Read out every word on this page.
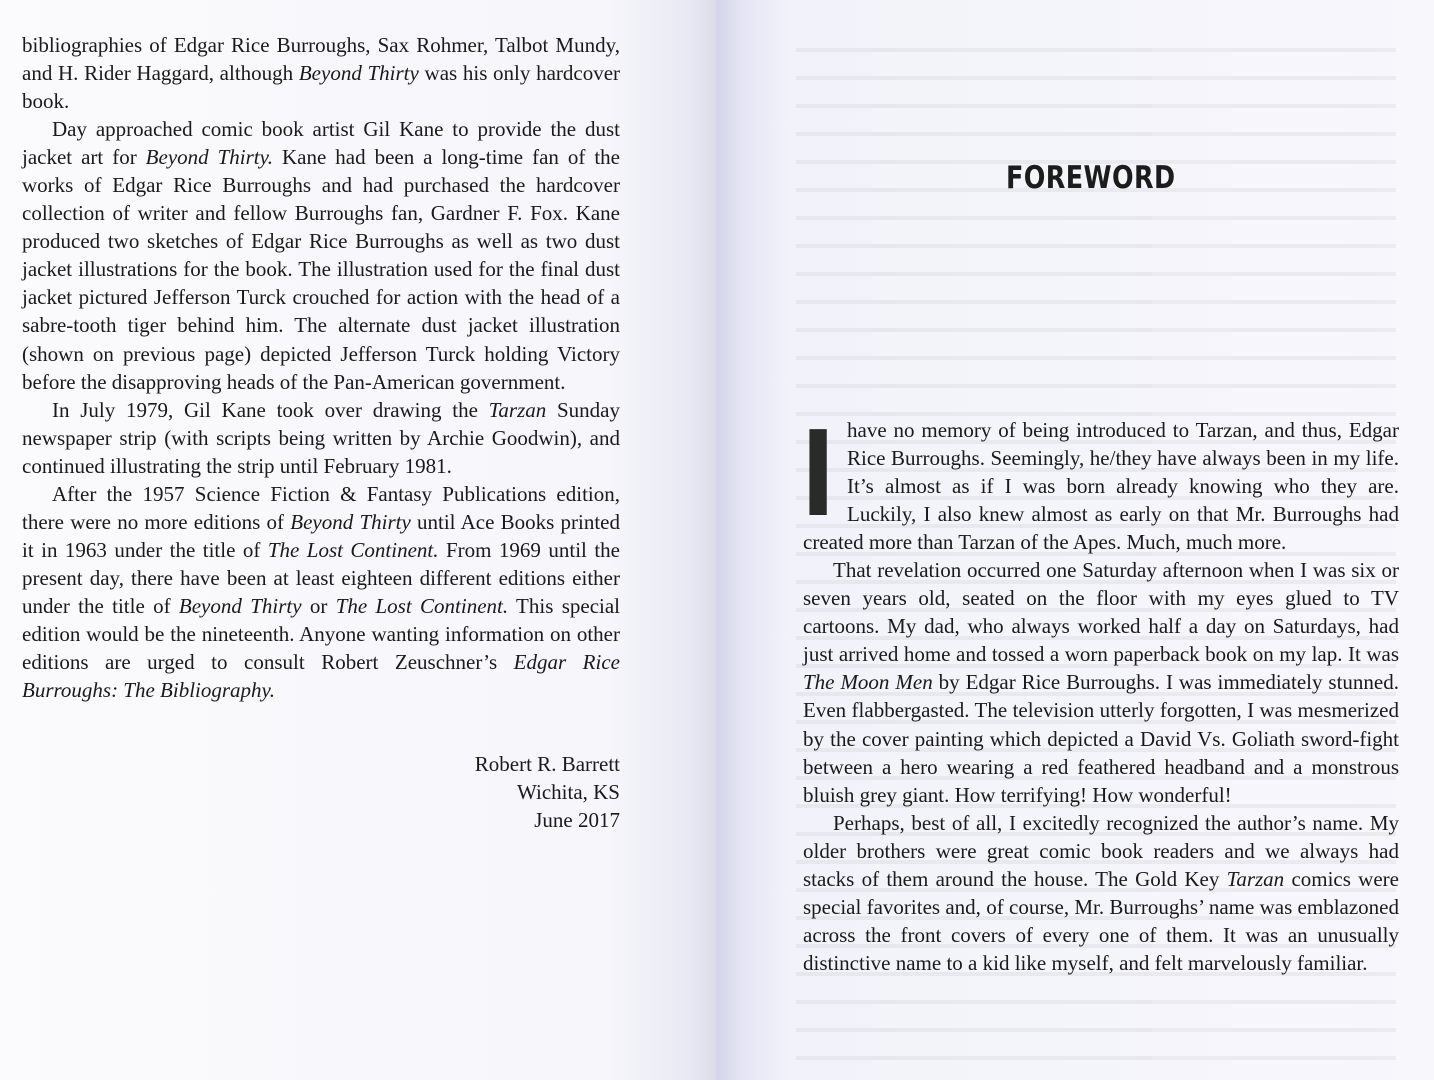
bibliographies of Edgar Rice Burroughs, Sax Rohmer, Talbot Mundy, and H. Rider Haggard, although Beyond Thirty was his only hardcover book.

Day approached comic book artist Gil Kane to provide the dust jacket art for Beyond Thirty. Kane had been a long-time fan of the works of Edgar Rice Burroughs and had purchased the hardcover collection of writer and fellow Burroughs fan, Gardner F. Fox. Kane produced two sketches of Edgar Rice Burroughs as well as two dust jacket illustrations for the book. The illustration used for the final dust jacket pictured Jefferson Turck crouched for action with the head of a sabre-tooth tiger behind him. The alternate dust jacket illustration (shown on previous page) depicted Jefferson Turck holding Victory before the disapproving heads of the Pan-American government.

In July 1979, Gil Kane took over drawing the Tarzan Sunday newspaper strip (with scripts being written by Archie Goodwin), and continued illustrating the strip until February 1981.

After the 1957 Science Fiction & Fantasy Publications edition, there were no more editions of Beyond Thirty until Ace Books printed it in 1963 under the title of The Lost Continent. From 1969 until the present day, there have been at least eighteen different editions either under the title of Beyond Thirty or The Lost Continent. This special edition would be the nineteenth. Anyone wanting information on other editions are urged to consult Robert Zeuschner’s Edgar Rice Burroughs: The Bibliography.

Robert R. Barrett
Wichita, KS
June 2017
FOREWORD

Ihave no memory of being introduced to Tarzan, and thus, Edgar Rice Burroughs. Seemingly, he/they have always been in my life. It’s almost as if I was born already knowing who they are. Luckily, I also knew almost as early on that Mr. Burroughs had created more than Tarzan of the Apes. Much, much more.

That revelation occurred one Saturday afternoon when I was six or seven years old, seated on the floor with my eyes glued to TV cartoons. My dad, who always worked half a day on Saturdays, had just arrived home and tossed a worn paperback book on my lap. It was The Moon Men by Edgar Rice Burroughs. I was immediately stunned. Even flabbergasted. The television utterly forgotten, I was mesmerized by the cover painting which depicted a David Vs. Goliath sword-fight between a hero wearing a red feathered headband and a monstrous bluish grey giant. How terrifying! How wonderful!

Perhaps, best of all, I excitedly recognized the author’s name. My older brothers were great comic book readers and we always had stacks of them around the house. The Gold Key Tarzan comics were special favorites and, of course, Mr. Burroughs’ name was emblazoned across the front covers of every one of them. It was an unusually distinctive name to a kid like myself, and felt marvelously familiar.
